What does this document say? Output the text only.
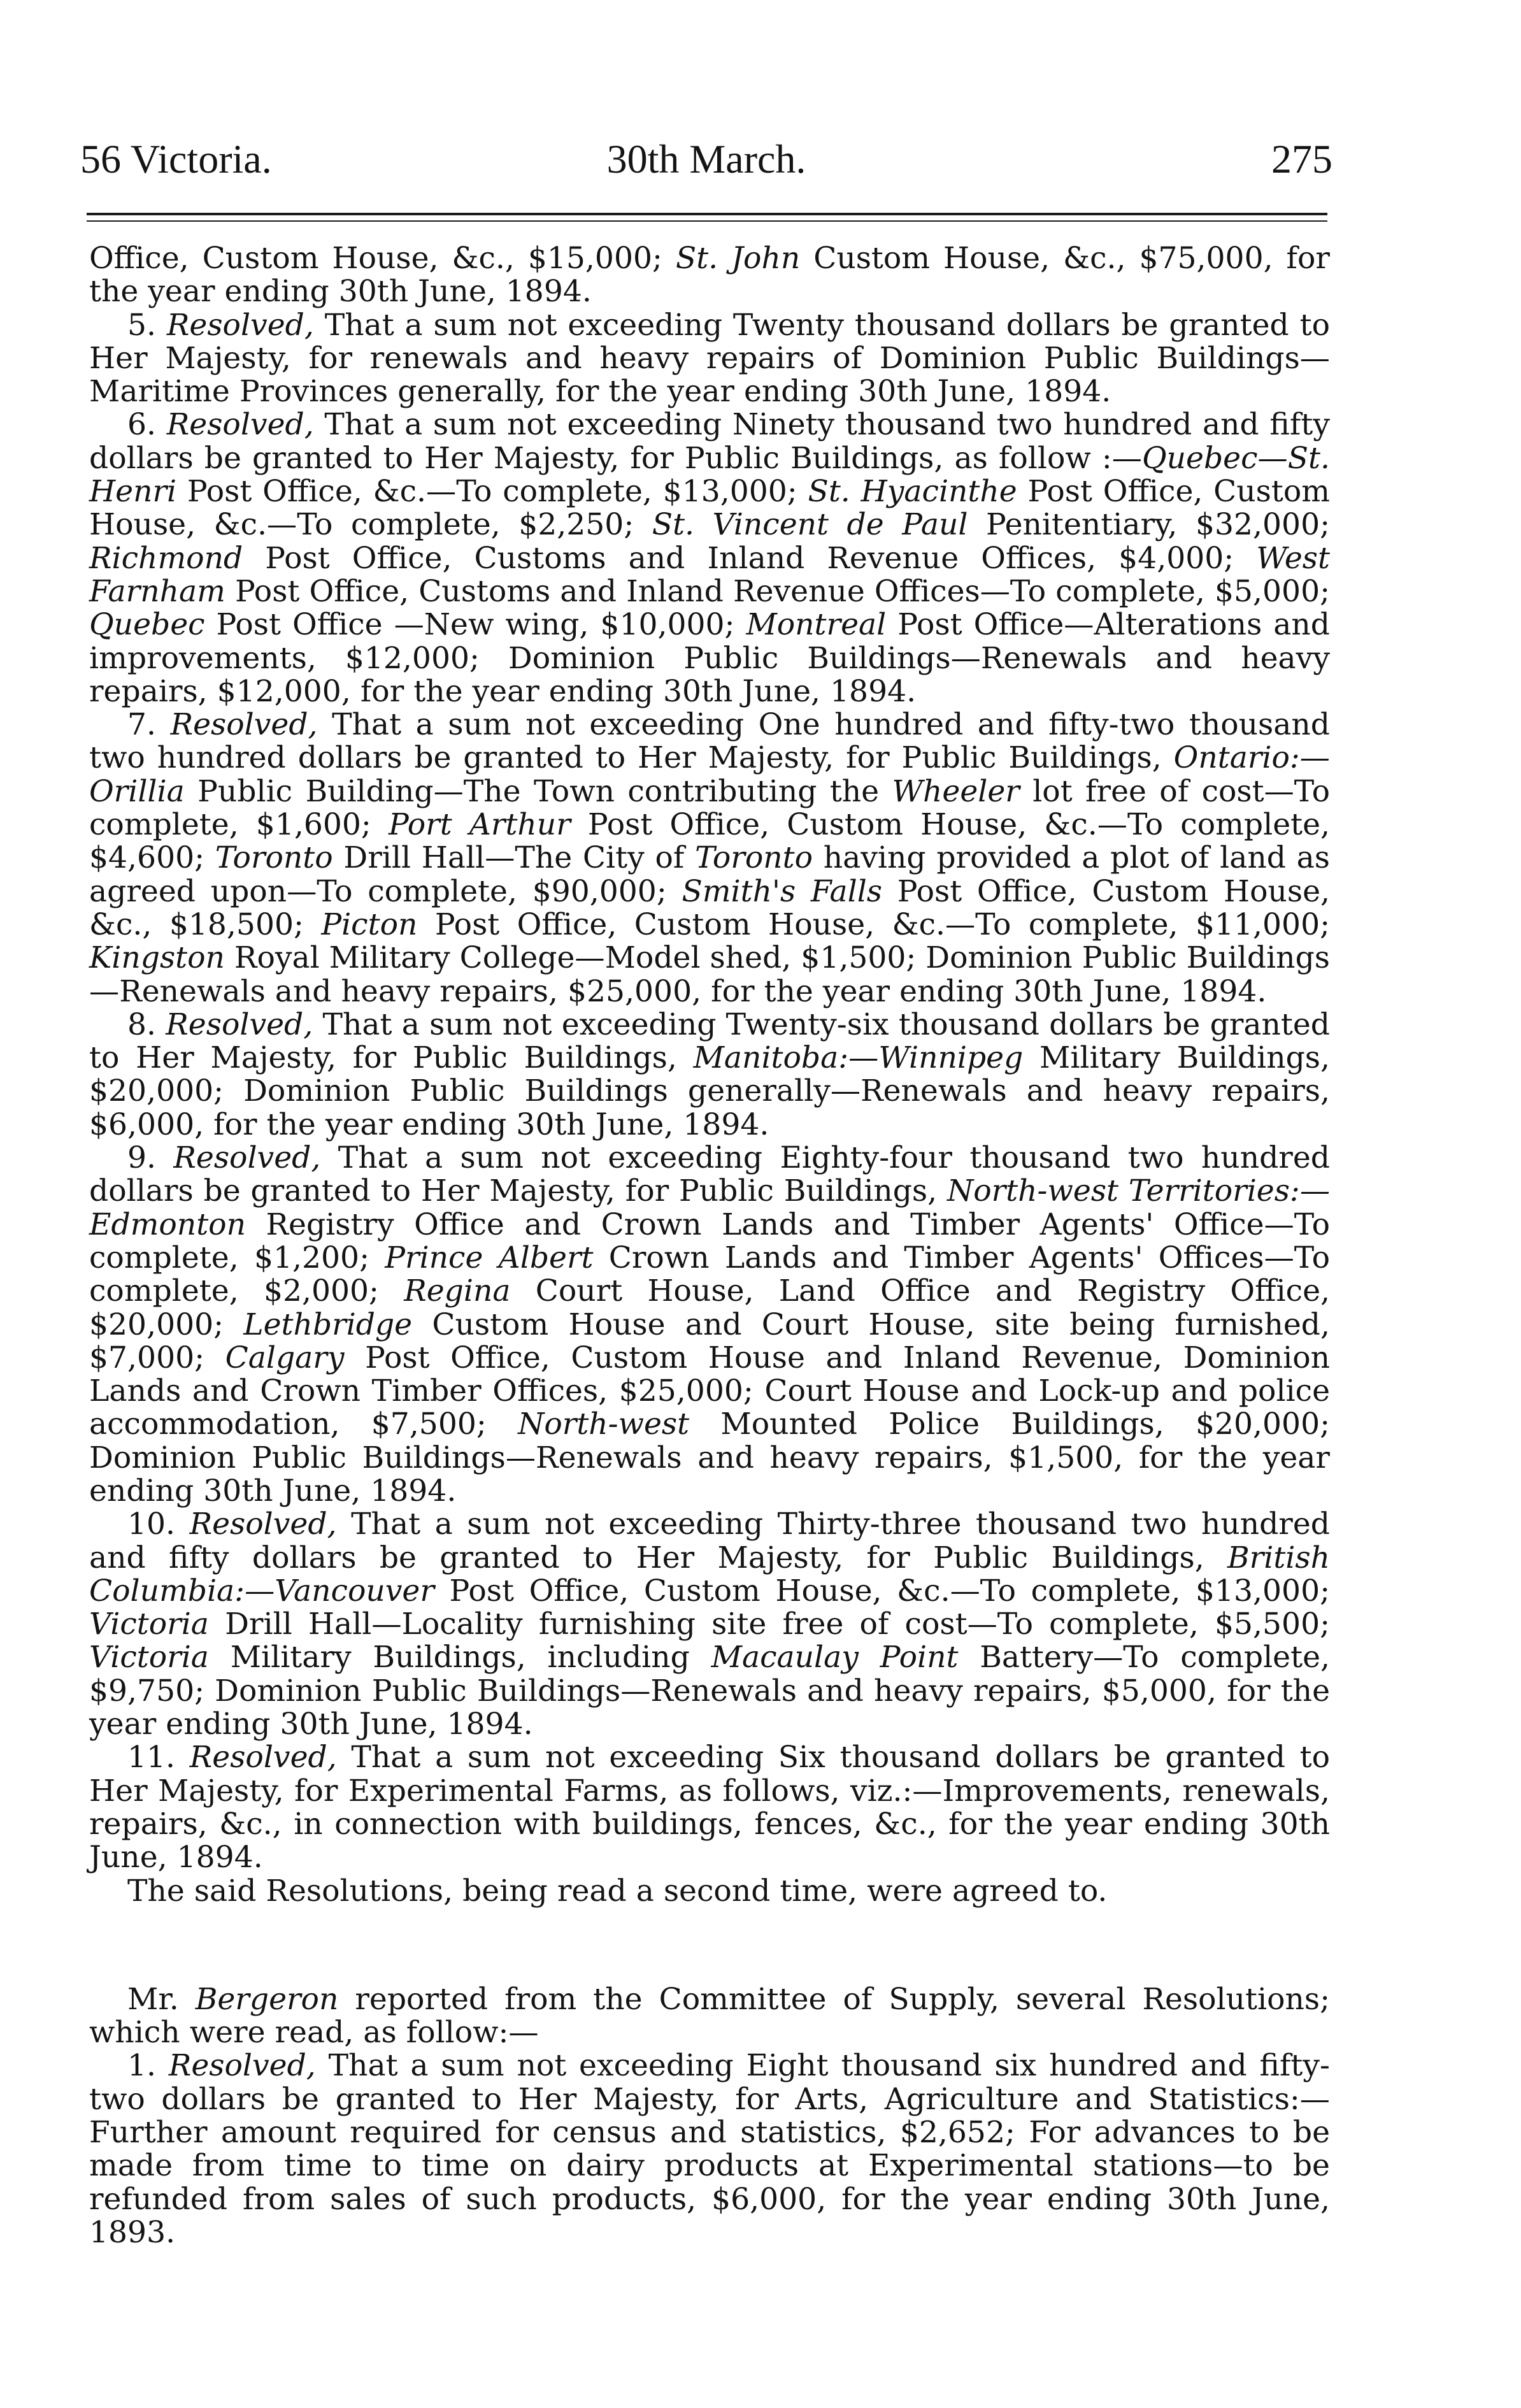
56 Victoria.	30th March.	275

Office, Custom House, &c., $15,000; St. John Custom House, &c., $75,000, for the year ending 30th June, 1894.

5. Resolved, That a sum not exceeding Twenty thousand dollars be granted to Her Majesty, for renewals and heavy repairs of Dominion Public Buildings—Maritime Provinces generally, for the year ending 30th June, 1894.

6. Resolved, That a sum not exceeding Ninety thousand two hundred and fifty dollars be granted to Her Majesty, for Public Buildings, as follow :—Quebec—St. Henri Post Office, &c.—To complete, $13,000; St. Hyacinthe Post Office, Custom House, &c.—To complete, $2,250; St. Vincent de Paul Penitentiary, $32,000; Richmond Post Office, Customs and Inland Revenue Offices, $4,000; West Farnham Post Office, Customs and Inland Revenue Offices—To complete, $5,000; Quebec Post Office —New wing, $10,000; Montreal Post Office—Alterations and improvements, $12,000; Dominion Public Buildings—Renewals and heavy repairs, $12,000, for the year ending 30th June, 1894.

7. Resolved, That a sum not exceeding One hundred and fifty-two thousand two hundred dollars be granted to Her Majesty, for Public Buildings, Ontario:—Orillia Public Building—The Town contributing the Wheeler lot free of cost—To complete, $1,600; Port Arthur Post Office, Custom House, &c.—To complete, $4,600; Toronto Drill Hall—The City of Toronto having provided a plot of land as agreed upon—To complete, $90,000; Smith's Falls Post Office, Custom House, &c., $18,500; Picton Post Office, Custom House, &c.—To complete, $11,000; Kingston Royal Military College—Model shed, $1,500; Dominion Public Buildings—Renewals and heavy repairs, $25,000, for the year ending 30th June, 1894.

8. Resolved, That a sum not exceeding Twenty-six thousand dollars be granted to Her Majesty, for Public Buildings, Manitoba:—Winnipeg Military Buildings, $20,000; Dominion Public Buildings generally—Renewals and heavy repairs, $6,000, for the year ending 30th June, 1894.

9. Resolved, That a sum not exceeding Eighty-four thousand two hundred dollars be granted to Her Majesty, for Public Buildings, North-west Territories:—Edmonton Registry Office and Crown Lands and Timber Agents' Office—To complete, $1,200; Prince Albert Crown Lands and Timber Agents' Offices—To complete, $2,000; Regina Court House, Land Office and Registry Office, $20,000; Lethbridge Custom House and Court House, site being furnished, $7,000; Calgary Post Office, Custom House and Inland Revenue, Dominion Lands and Crown Timber Offices, $25,000; Court House and Lock-up and police accommodation, $7,500; North-west Mounted Police Buildings, $20,000; Dominion Public Buildings—Renewals and heavy repairs, $1,500, for the year ending 30th June, 1894.

10. Resolved, That a sum not exceeding Thirty-three thousand two hundred and fifty dollars be granted to Her Majesty, for Public Buildings, British Columbia:—Vancouver Post Office, Custom House, &c.—To complete, $13,000; Victoria Drill Hall—Locality furnishing site free of cost—To complete, $5,500; Victoria Military Buildings, including Macaulay Point Battery—To complete, $9,750; Dominion Public Buildings—Renewals and heavy repairs, $5,000, for the year ending 30th June, 1894.

11. Resolved, That a sum not exceeding Six thousand dollars be granted to Her Majesty, for Experimental Farms, as follows, viz.:—Improvements, renewals, repairs, &c., in connection with buildings, fences, &c., for the year ending 30th June, 1894.

The said Resolutions, being read a second time, were agreed to.

Mr. Bergeron reported from the Committee of Supply, several Resolutions; which were read, as follow:—

1. Resolved, That a sum not exceeding Eight thousand six hundred and fifty-two dollars be granted to Her Majesty, for Arts, Agriculture and Statistics:—Further amount required for census and statistics, $2,652; For advances to be made from time to time on dairy products at Experimental stations—to be refunded from sales of such products, $6,000, for the year ending 30th June, 1893.
